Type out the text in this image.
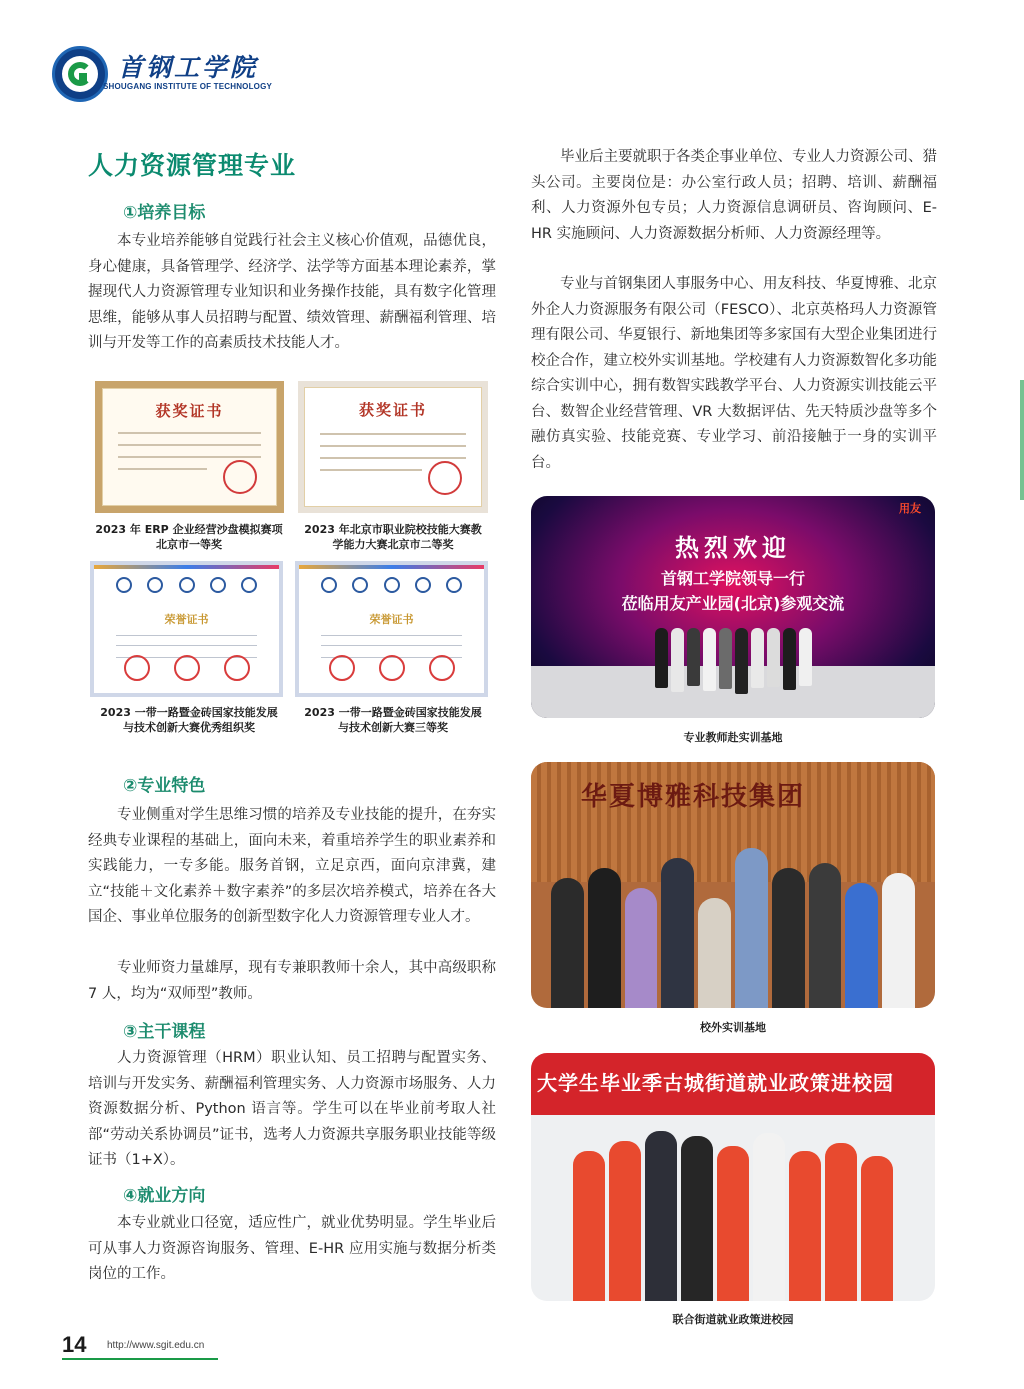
首钢工学院
SHOUGANG INSTITUTE OF TECHNOLOGY
人力资源管理专业
①培养目标
本专业培养能够自觉践行社会主义核心价值观，品德优良，身心健康，具备管理学、经济学、法学等方面基本理论素养，掌握现代人力资源管理专业知识和业务操作技能，具有数字化管理思维，能够从事人员招聘与配置、绩效管理、薪酬福利管理、培训与开发等工作的高素质技术技能人才。
获奖证书	获奖证书
2023 年 ERP 企业经营沙盘模拟赛项
北京市一等奖
2023 年北京市职业院校技能大赛教
学能力大赛北京市二等奖
荣誉证书	荣誉证书
2023 一带一路暨金砖国家技能发展
与技术创新大赛优秀组织奖
2023 一带一路暨金砖国家技能发展
与技术创新大赛三等奖
②专业特色
专业侧重对学生思维习惯的培养及专业技能的提升，在夯实经典专业课程的基础上，面向未来，着重培养学生的职业素养和实践能力，一专多能。服务首钢，立足京西，面向京津冀，建立“技能＋文化素养＋数字素养”的多层次培养模式，培养在各大国企、事业单位服务的创新型数字化人力资源管理专业人才。
专业师资力量雄厚，现有专兼职教师十余人，其中高级职称 7 人，均为“双师型”教师。
③主干课程
人力资源管理（HRM）职业认知、员工招聘与配置实务、培训与开发实务、薪酬福利管理实务、人力资源市场服务、人力资源数据分析、Python 语言等。学生可以在毕业前考取人社部“劳动关系协调员”证书，选考人力资源共享服务职业技能等级证书（1+X）。
④就业方向
本专业就业口径宽，适应性广，就业优势明显。学生毕业后可从事人力资源咨询服务、管理、E-HR 应用实施与数据分析类岗位的工作。
毕业后主要就职于各类企事业单位、专业人力资源公司、猎头公司。主要岗位是：办公室行政人员；招聘、培训、薪酬福利、人力资源外包专员；人力资源信息调研员、咨询顾问、E-HR 实施顾问、人力资源数据分析师、人力资源经理等。
专业与首钢集团人事服务中心、用友科技、华夏博雅、北京外企人力资源服务有限公司（FESCO）、北京英格玛人力资源管理有限公司、华夏银行、新地集团等多家国有大型企业集团进行校企合作，建立校外实训基地。学校建有人力资源数智化多功能综合实训中心，拥有数智实践教学平台、人力资源实训技能云平台、数智企业经营管理、VR 大数据评估、先天特质沙盘等多个融仿真实验、技能竞赛、专业学习、前沿接触于一身的实训平台。
用友
热烈欢迎
首钢工学院领导一行
莅临用友产业园(北京)参观交流
专业教师赴实训基地
华夏博雅科技集团
校外实训基地
大学生毕业季古城街道就业政策进校园
联合街道就业政策进校园
14 http://www.sgit.edu.cn
